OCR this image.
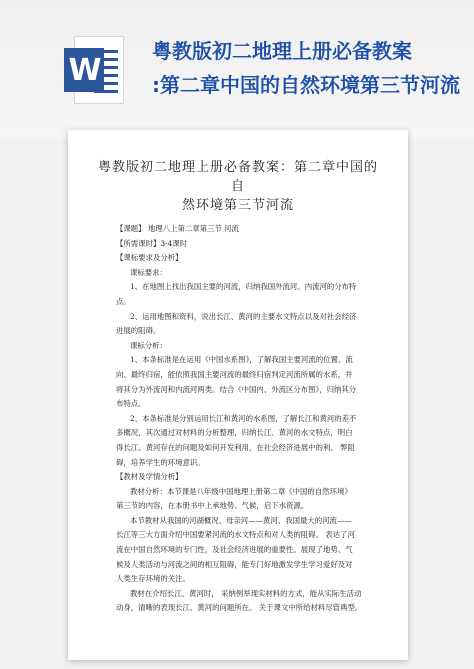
W
粤教版初二地理上册必备教案
:第二章中国的自然环境第三节河流
粤教版初二地理上册必备教案：第二章中国的自
然环境第三节河流

【课题】 地理八上第二章第三节 河流

【所需课时】3-4课时

【课标要求及分析】

课标要求：

1、在地图上找出我国主要的河流，归纳我国外流河、内流河的分布特

点。

2、运用地图和资料，说出长江、黄河的主要水文特点以及对社会经济

进展的阻碍。

课标分析：

1、本条标准是在运用《中国水系图》，了解我国主要河流的位置、流

向、最终归宿，能依照我国主要河流的最终归宿判定河流所属的水系，并

将其分为外流河和内流河两类。结合《中国内、外流区分布图》，归纳其分

布特点。

2、本条标准是分别运用长江和黄河的水系图，了解长江和黄河的差不

多概况，其次通过对材料的分析整理，归纳长江、黄河的水文特点，明白

得长江、黄河存在的问题及如何开发利用，在社会经济进展中的利、 弊阻

碍，培养学生的环境意识。

【教材及学情分析】

教材分析：本节课是八年级中国地理上册第二章《中国的自然环境》

第三节的内容，在本册书中上承地势、气候，启下水资源。

本节教材从我国的河湖概况、母亲河——黄河、我国最大的河流——

长江等三大方面介绍中国要紧河流的水文特点和对人类的阻碍。 表达了河

流在中国自然环境的专门性，及社会经济进展的重要性。展现了地势、气

候及人类活动与河流之间的相互阻碍，能专门好地激发学生学习爱好及对

人类生存环境的关注。

教材在介绍长江、黄河时， 采纳例举现实材料的方式，能从实际生活动

动身，清晰的表现长江、黄河的问题所在。 关于课文中所给材料尽管典型,
